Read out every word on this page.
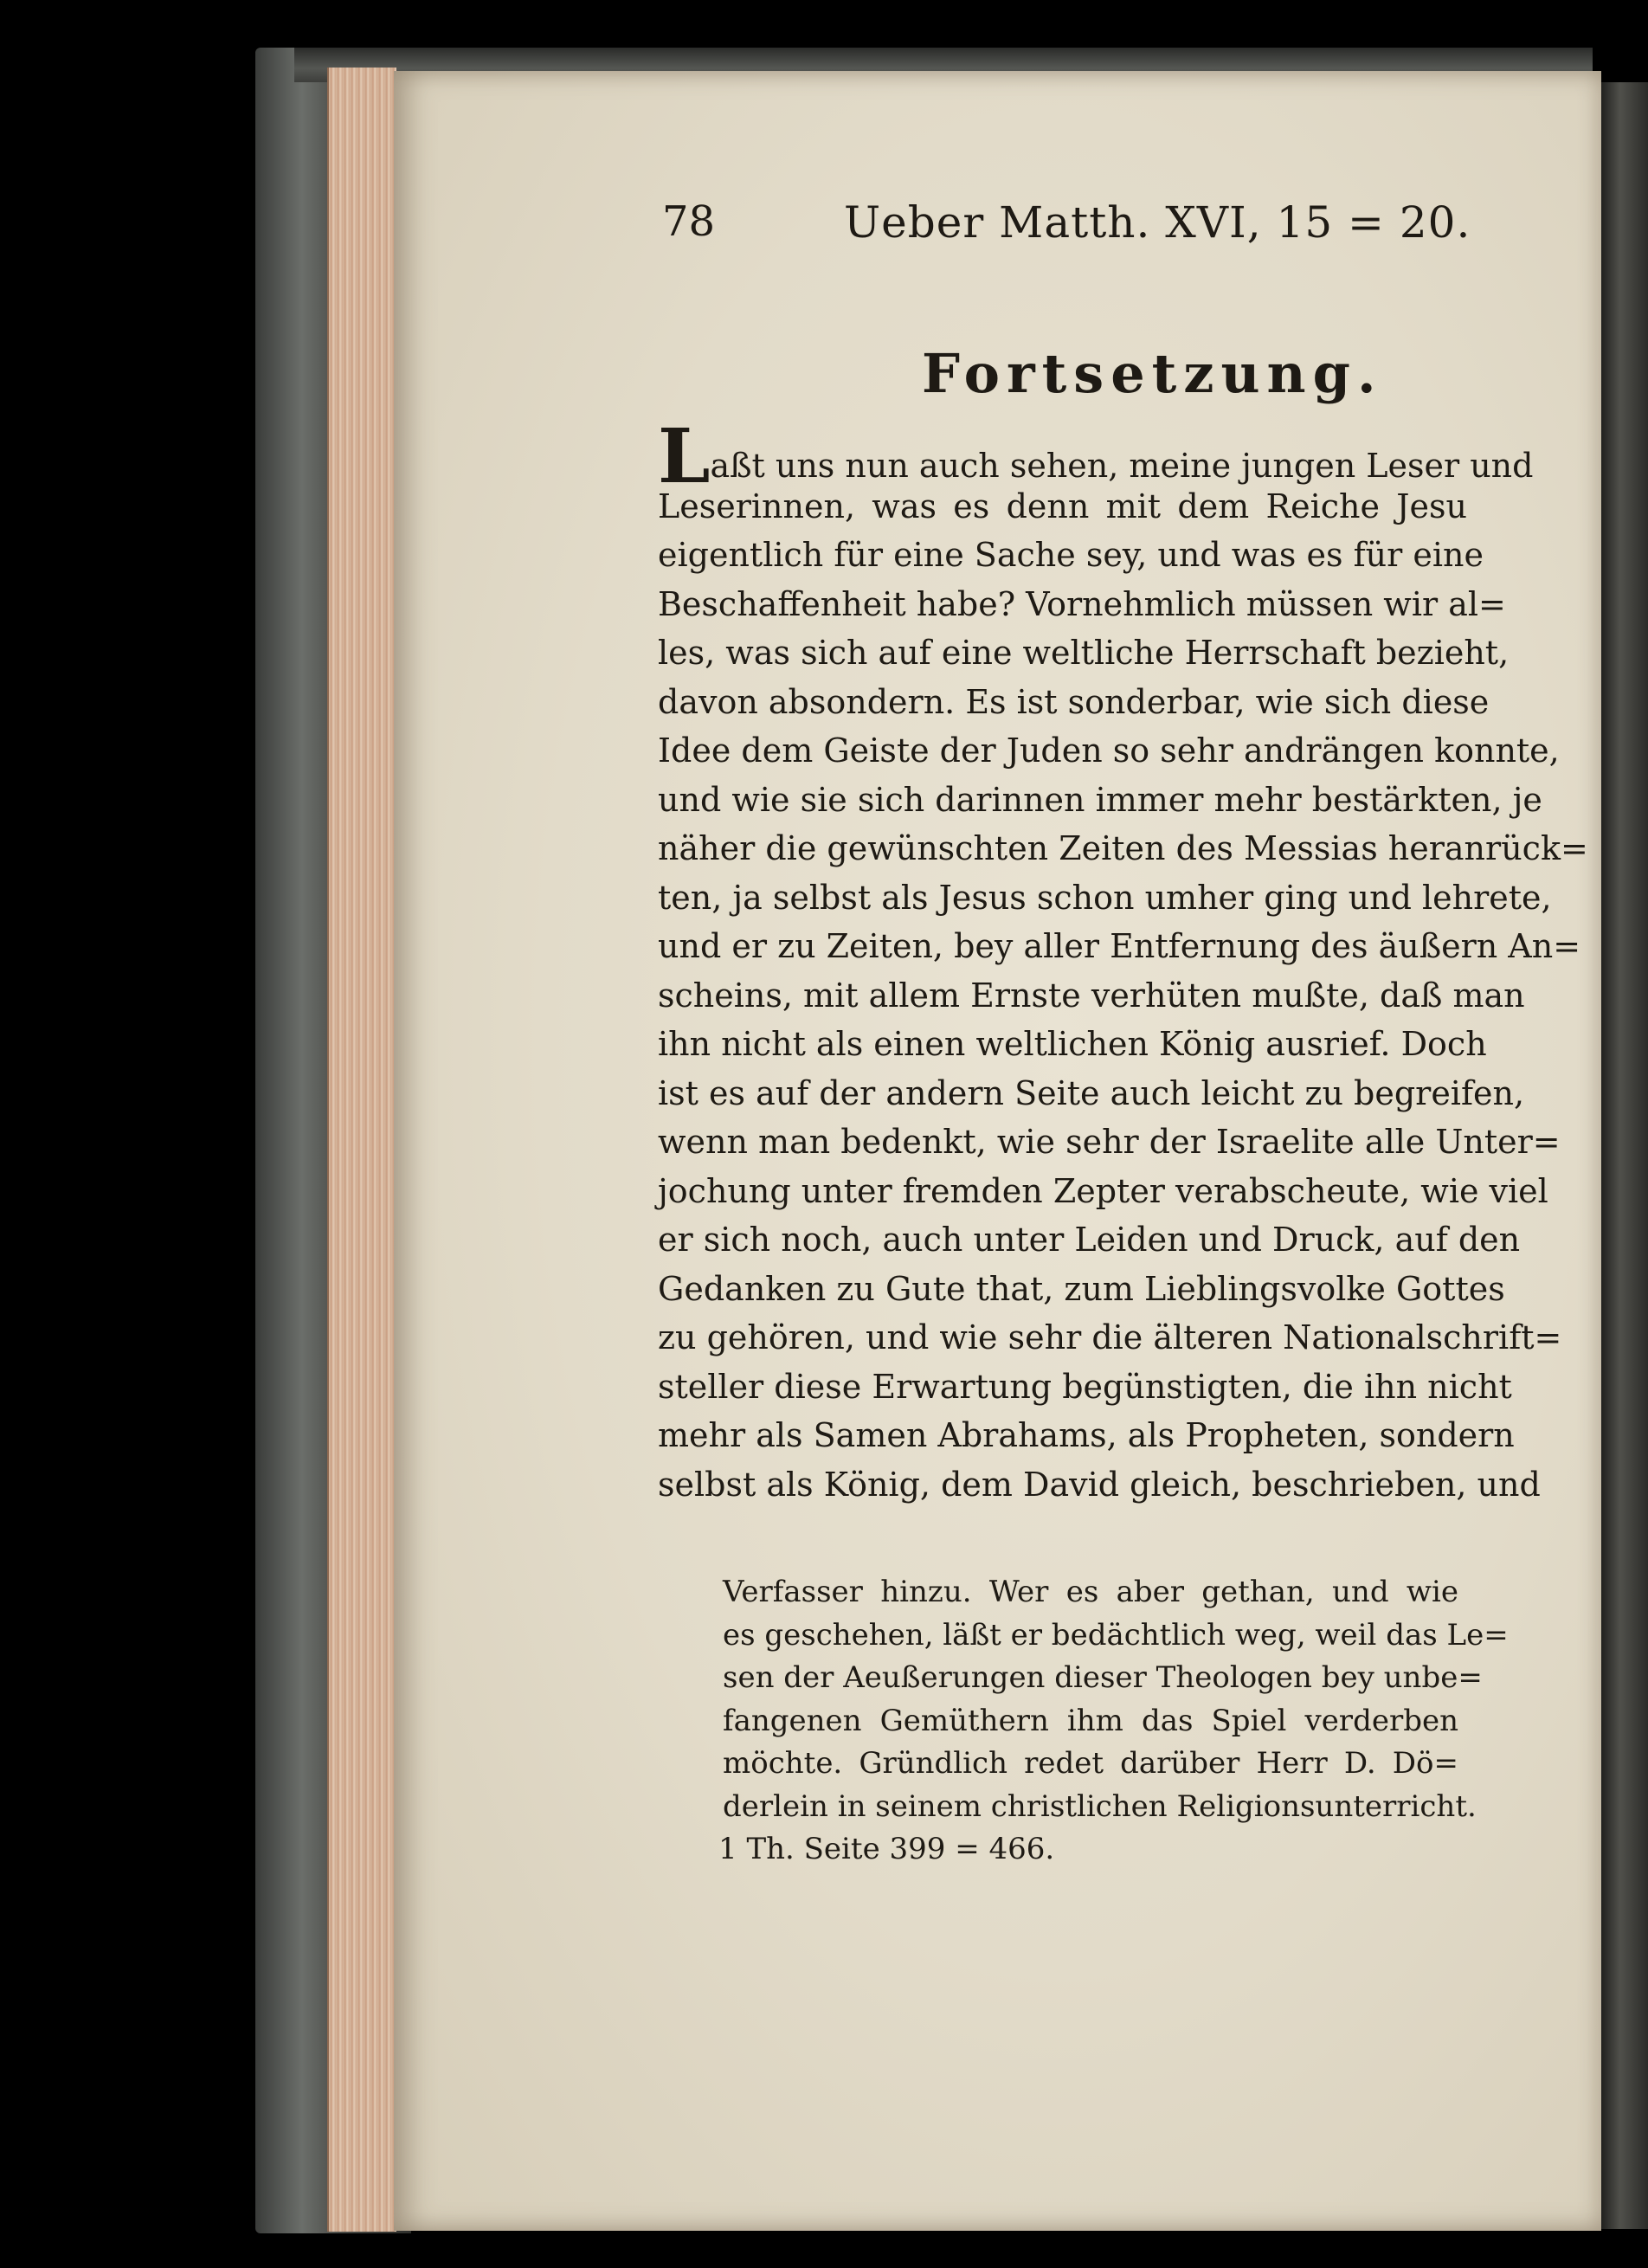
78	Ueber Matth. XVI, 15 = 20.
Fortsetzung.
Laßt uns nun auch sehen, meine jungen Leser und
Leserinnen, was es denn mit dem Reiche Jesu
eigentlich für eine Sache sey, und was es für eine
Beschaffenheit habe? Vornehmlich müssen wir al=
les, was sich auf eine weltliche Herrschaft bezieht,
davon absondern. Es ist sonderbar, wie sich diese
Idee dem Geiste der Juden so sehr andrängen konnte,
und wie sie sich darinnen immer mehr bestärkten, je
näher die gewünschten Zeiten des Messias heranrück=
ten, ja selbst als Jesus schon umher ging und lehrete,
und er zu Zeiten, bey aller Entfernung des äußern An=
scheins, mit allem Ernste verhüten mußte, daß man
ihn nicht als einen weltlichen König ausrief. Doch
ist es auf der andern Seite auch leicht zu begreifen,
wenn man bedenkt, wie sehr der Israelite alle Unter=
jochung unter fremden Zepter verabscheute, wie viel
er sich noch, auch unter Leiden und Druck, auf den
Gedanken zu Gute that, zum Lieblingsvolke Gottes
zu gehören, und wie sehr die älteren Nationalschrift=
steller diese Erwartung begünstigten, die ihn nicht
mehr als Samen Abrahams, als Propheten, sondern
selbst als König, dem David gleich, beschrieben, und
Verfasser hinzu. Wer es aber gethan, und wie
es geschehen, läßt er bedächtlich weg, weil das Le=
sen der Aeußerungen dieser Theologen bey unbe=
fangenen Gemüthern ihm das Spiel verderben
möchte. Gründlich redet darüber Herr D. Dö=
derlein in seinem christlichen Religionsunterricht.
1 Th. Seite 399 = 466.
